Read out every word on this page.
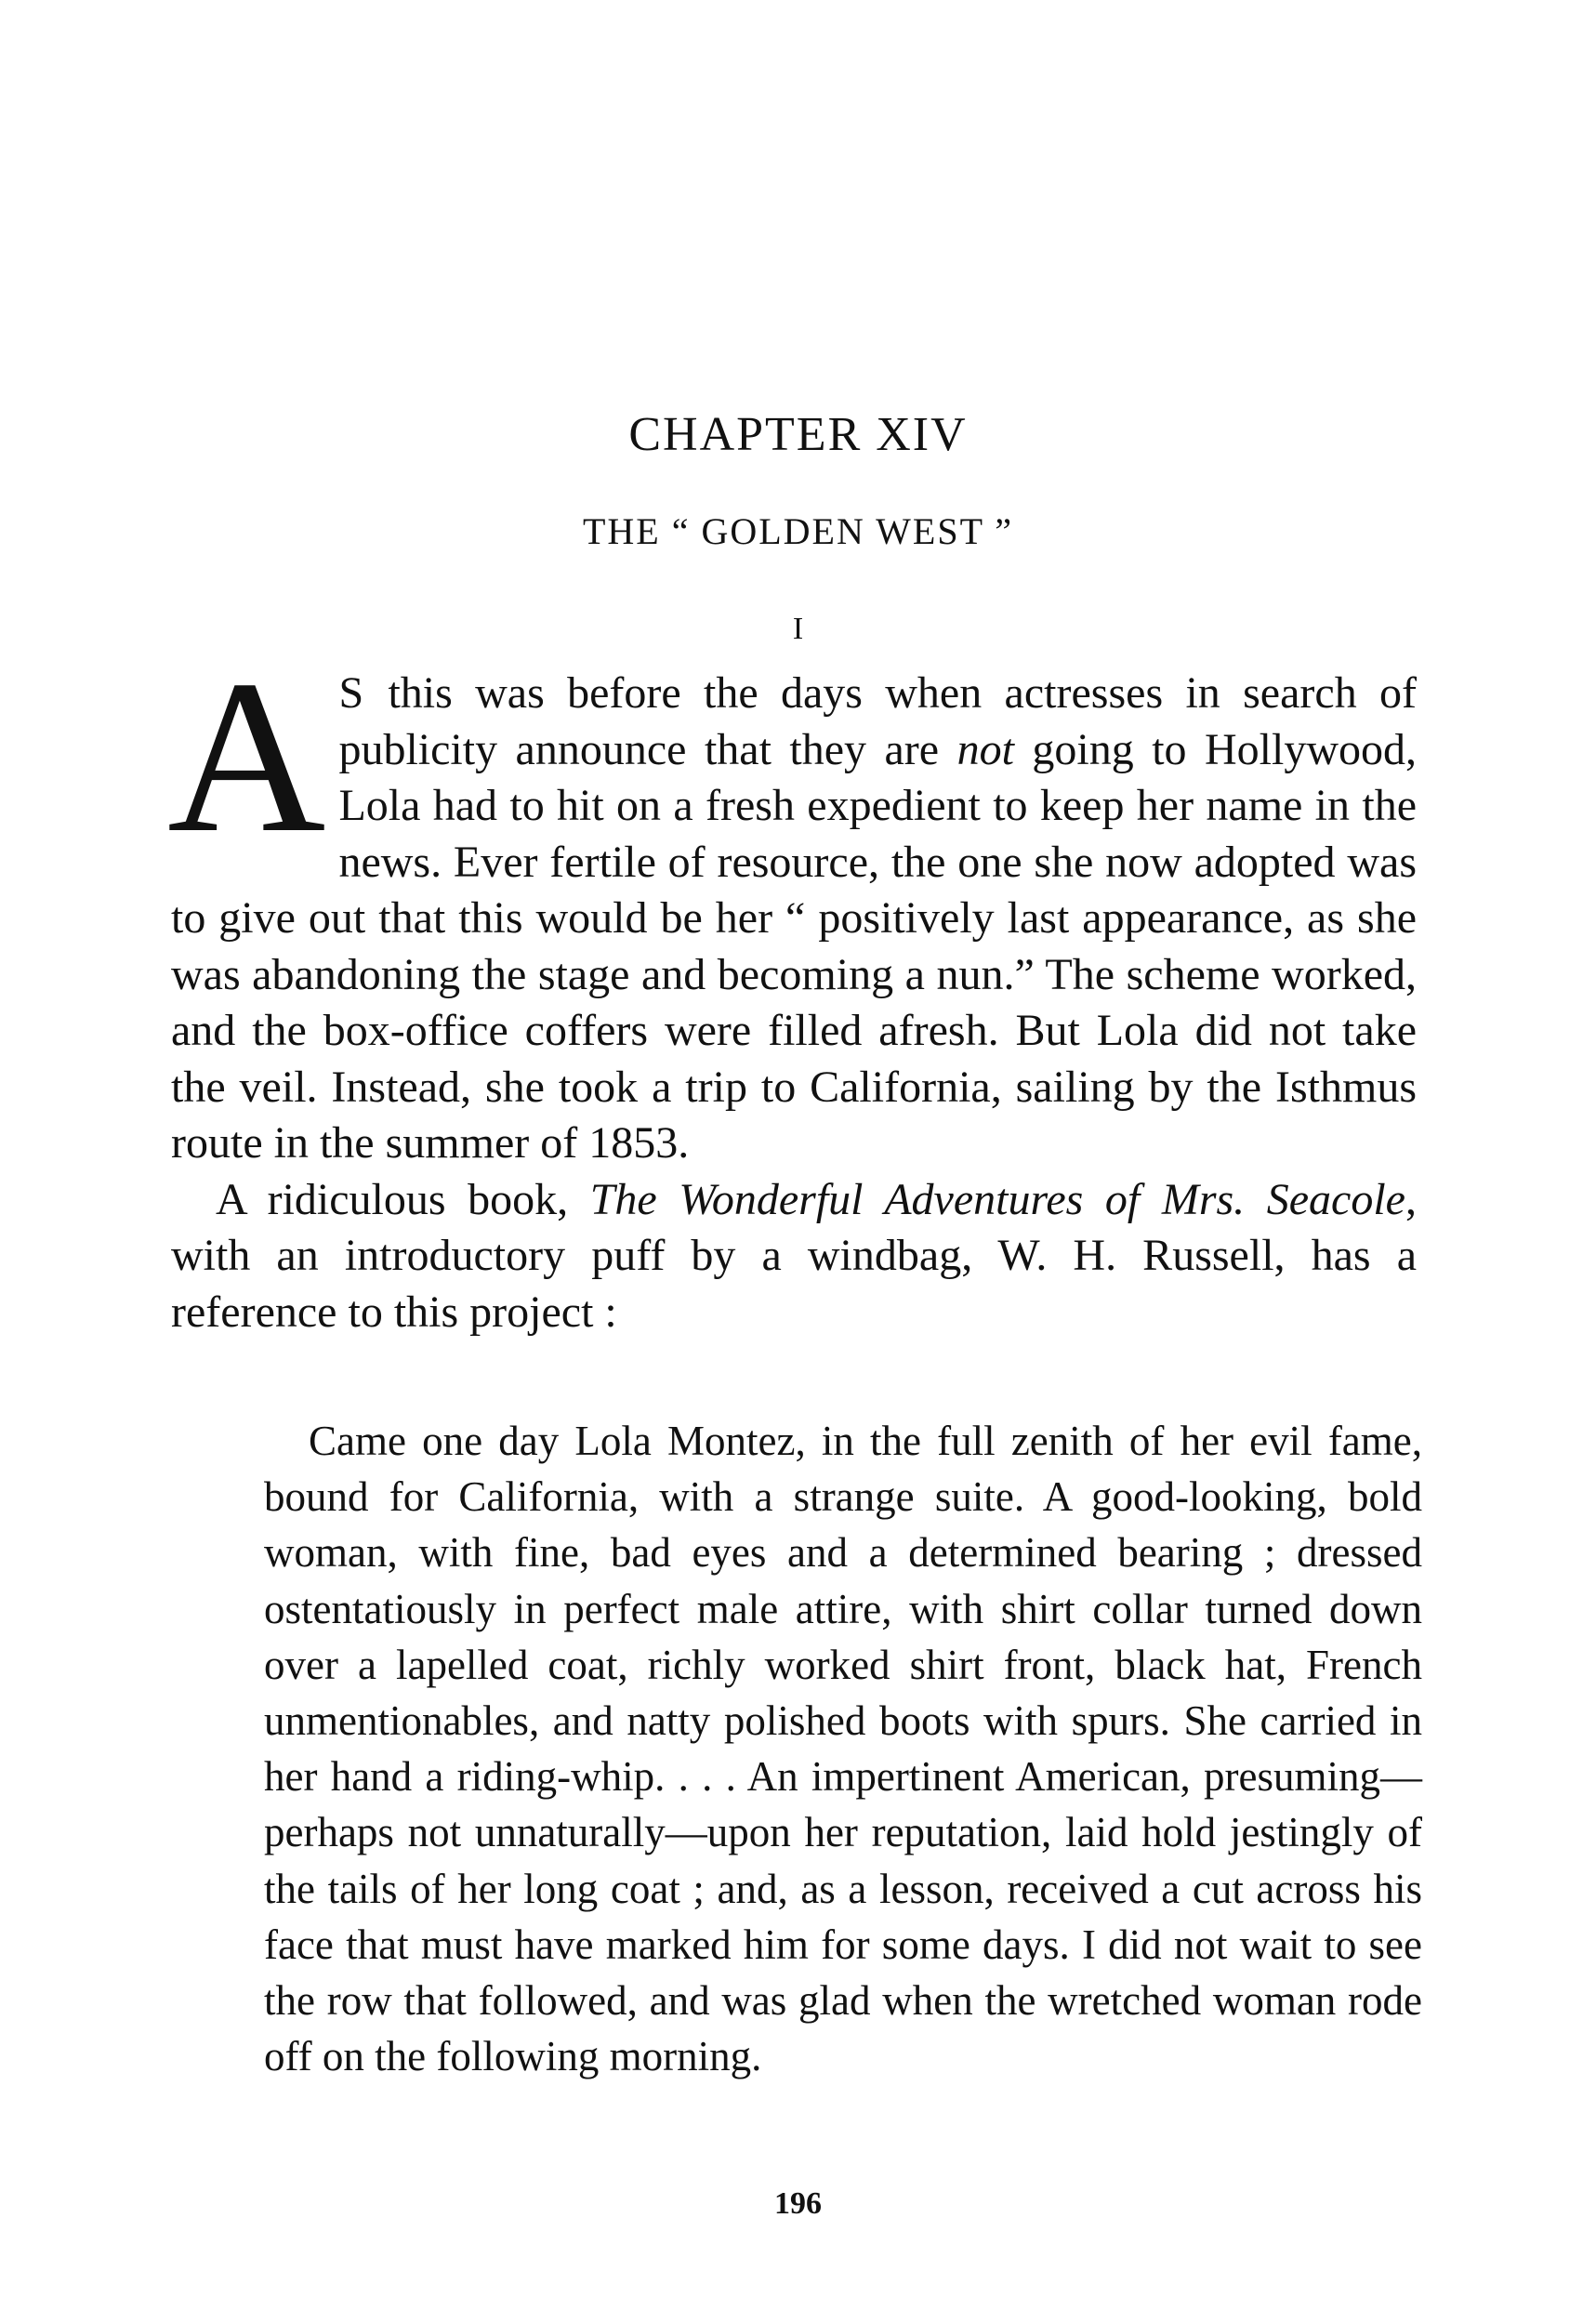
CHAPTER XIV
THE “ GOLDEN WEST ”
I

A S this was before the days when actresses in search of publicity announce that they are not going to Hollywood, Lola had to hit on a fresh expedient to keep her name in the news. Ever fertile of resource, the one she now adopted was to give out that this would be her “ positively last appearance, as she was abandoning the stage and becoming a nun.” The scheme worked, and the box-office coffers were filled afresh. But Lola did not take the veil. Instead, she took a trip to California, sailing by the Isthmus route in the summer of 1853.

A ridiculous book, The Wonderful Adventures of Mrs. Seacole, with an introductory puff by a windbag, W. H. Russell, has a reference to this project :

Came one day Lola Montez, in the full zenith of her evil fame, bound for California, with a strange suite. A good-looking, bold woman, with fine, bad eyes and a determined bearing ; dressed ostentatiously in perfect male attire, with shirt collar turned down over a lapelled coat, richly worked shirt front, black hat, French unmentionables, and natty polished boots with spurs. She carried in her hand a riding-whip. . . . An impertinent American, presuming—perhaps not unnaturally—upon her reputation, laid hold jestingly of the tails of her long coat ; and, as a lesson, received a cut across his face that must have marked him for some days. I did not wait to see the row that followed, and was glad when the wretched woman rode off on the following morning.

196
